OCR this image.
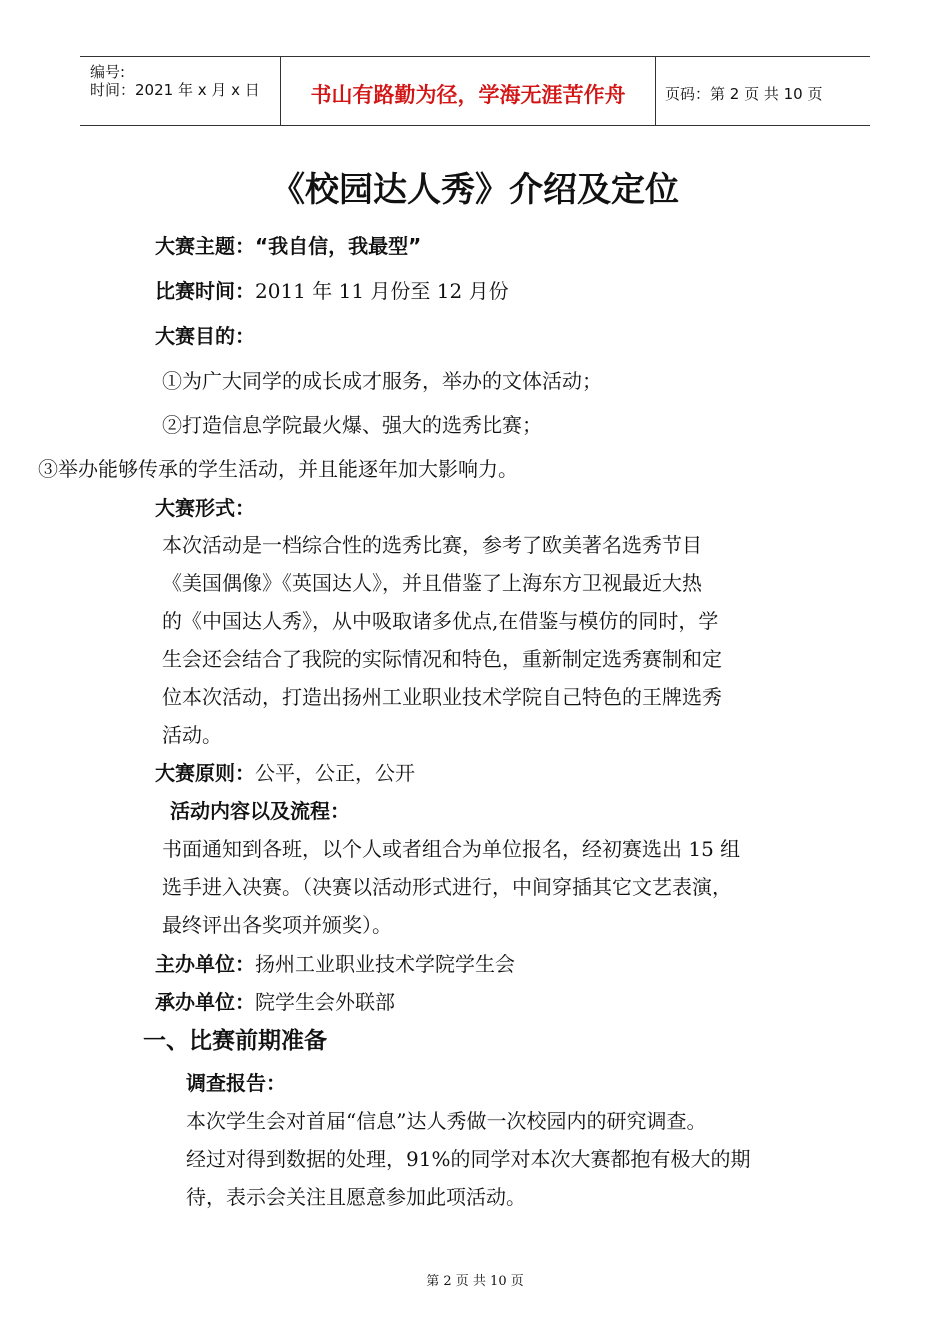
编号:
时间：2021 年 x 月 x 日	书山有路勤为径，学海无涯苦作舟	页码：第 2 页 共 10 页
《校园达人秀》介绍及定位
大赛主题：“我自信，我最型”
比赛时间：2011 年 11 月份至 12 月份
大赛目的：
①为广大同学的成长成才服务，举办的文体活动；
②打造信息学院最火爆、强大的选秀比赛；
③举办能够传承的学生活动，并且能逐年加大影响力。
大赛形式：
本次活动是一档综合性的选秀比赛，参考了欧美著名选秀节目
《美国偶像》《英国达人》，并且借鉴了上海东方卫视最近大热
的《中国达人秀》，从中吸取诸多优点,在借鉴与模仿的同时，学
生会还会结合了我院的实际情况和特色，重新制定选秀赛制和定
位本次活动，打造出扬州工业职业技术学院自己特色的王牌选秀
活动。
大赛原则：公平，公正，公开
活动内容以及流程：
书面通知到各班，以个人或者组合为单位报名，经初赛选出 15 组
选手进入决赛。（决赛以活动形式进行，中间穿插其它文艺表演，
最终评出各奖项并颁奖）。
主办单位：扬州工业职业技术学院学生会
承办单位：院学生会外联部
一、比赛前期准备
调查报告：
本次学生会对首届“信息”达人秀做一次校园内的研究调查。
经过对得到数据的处理，91%的同学对本次大赛都抱有极大的期
待，表示会关注且愿意参加此项活动。
第 2 页 共 10 页
